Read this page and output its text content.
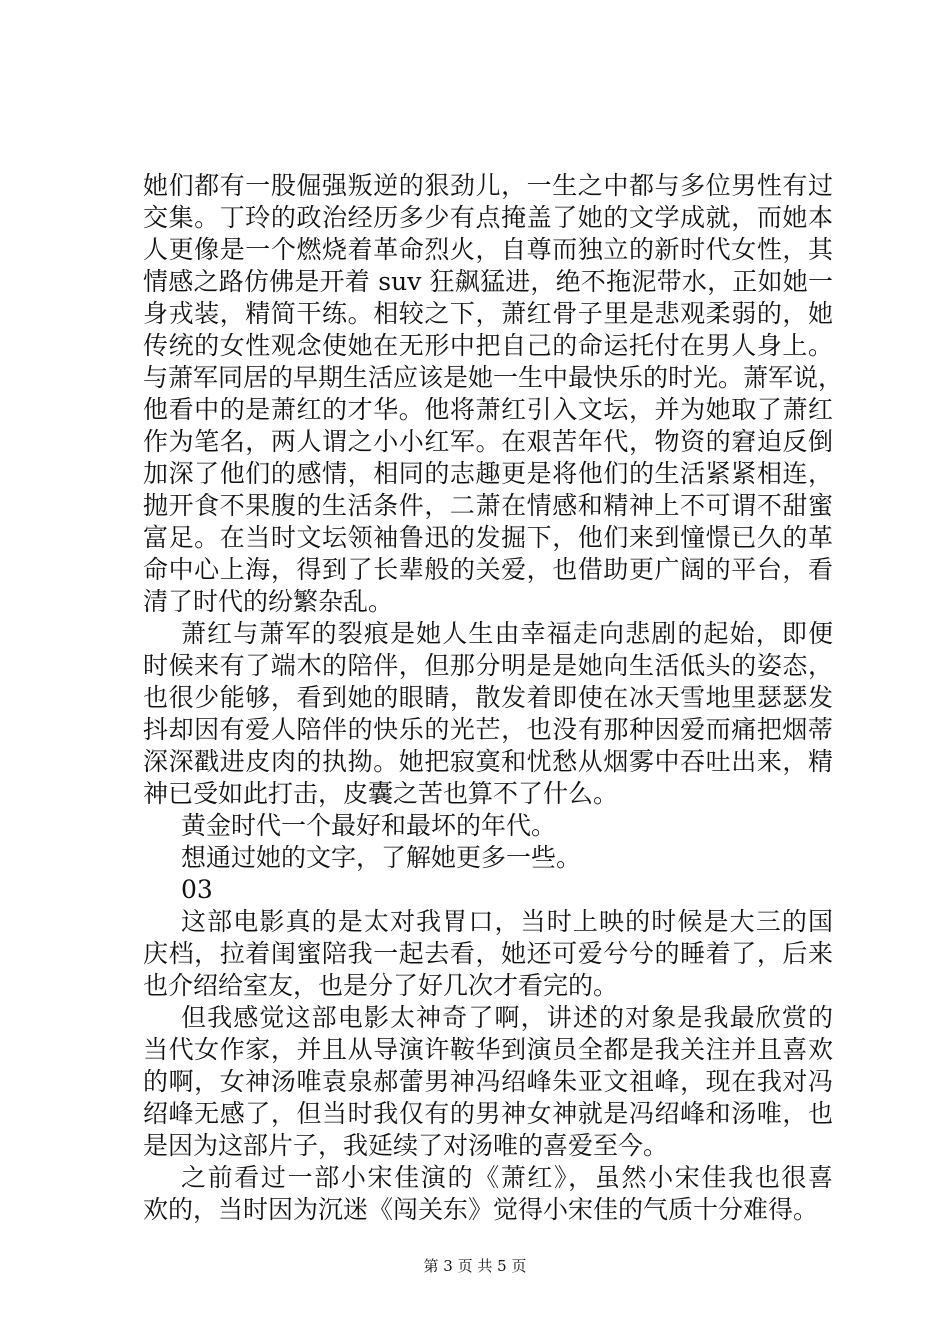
她们都有一股倔强叛逆的狠劲儿，一生之中都与多位男性有过
交集。丁玲的政治经历多少有点掩盖了她的文学成就，而她本
人更像是一个燃烧着革命烈火，自尊而独立的新时代女性，其
情感之路仿佛是开着 suv 狂飙猛进，绝不拖泥带水，正如她一
身戎装，精简干练。相较之下，萧红骨子里是悲观柔弱的，她
传统的女性观念使她在无形中把自己的命运托付在男人身上。
与萧军同居的早期生活应该是她一生中最快乐的时光。萧军说，
他看中的是萧红的才华。他将萧红引入文坛，并为她取了萧红
作为笔名，两人谓之小小红军。在艰苦年代，物资的窘迫反倒
加深了他们的感情，相同的志趣更是将他们的生活紧紧相连，
抛开食不果腹的生活条件，二萧在情感和精神上不可谓不甜蜜
富足。在当时文坛领袖鲁迅的发掘下，他们来到憧憬已久的革
命中心上海，得到了长辈般的关爱，也借助更广阔的平台，看
清了时代的纷繁杂乱。
萧红与萧军的裂痕是她人生由幸福走向悲剧的起始，即便
时候来有了端木的陪伴，但那分明是是她向生活低头的姿态，
也很少能够，看到她的眼睛，散发着即使在冰天雪地里瑟瑟发
抖却因有爱人陪伴的快乐的光芒，也没有那种因爱而痛把烟蒂
深深戳进皮肉的执拗。她把寂寞和忧愁从烟雾中吞吐出来，精
神已受如此打击，皮囊之苦也算不了什么。
黄金时代一个最好和最坏的年代。
想通过她的文字，了解她更多一些。
03
这部电影真的是太对我胃口，当时上映的时候是大三的国
庆档，拉着闺蜜陪我一起去看，她还可爱兮兮的睡着了，后来
也介绍给室友，也是分了好几次才看完的。
但我感觉这部电影太神奇了啊，讲述的对象是我最欣赏的
当代女作家，并且从导演许鞍华到演员全都是我关注并且喜欢
的啊，女神汤唯袁泉郝蕾男神冯绍峰朱亚文祖峰，现在我对冯
绍峰无感了，但当时我仅有的男神女神就是冯绍峰和汤唯，也
是因为这部片子，我延续了对汤唯的喜爱至今。
之前看过一部小宋佳演的《萧红》，虽然小宋佳我也很喜
欢的，当时因为沉迷《闯关东》觉得小宋佳的气质十分难得。
第 3 页 共 5 页
